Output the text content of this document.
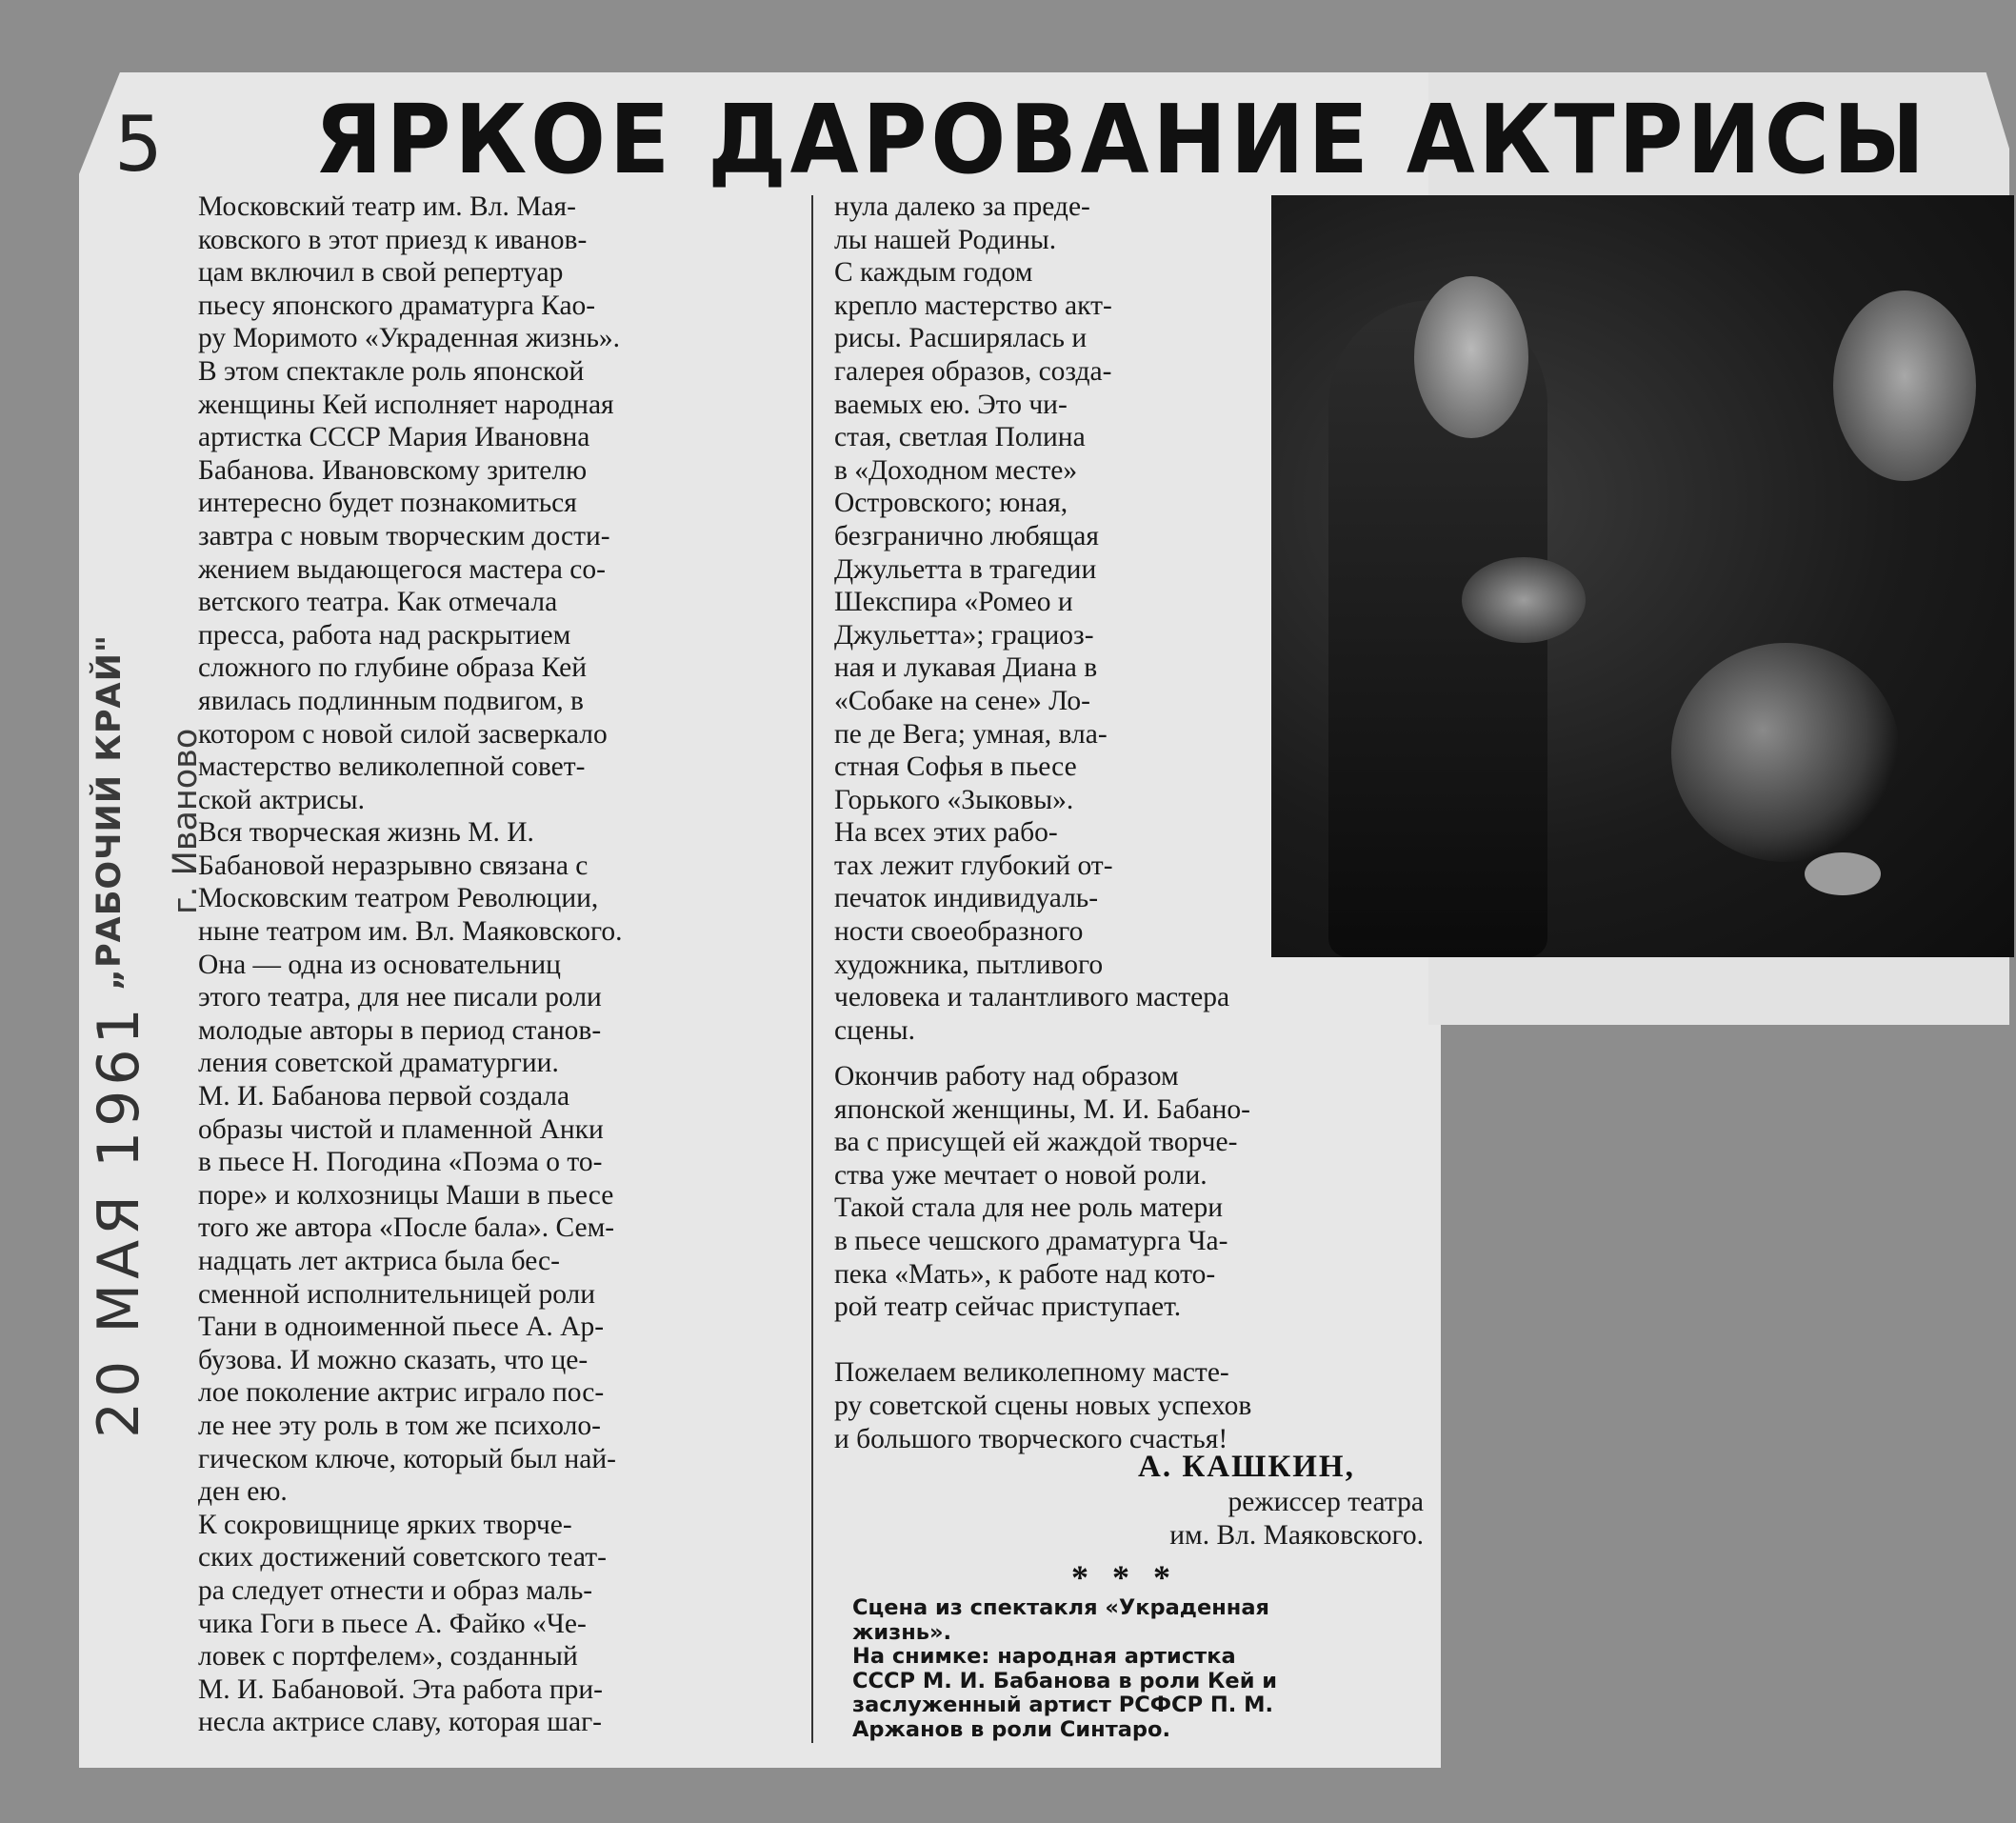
5 ЯРКОЕ ДАРОВАНИЕ АКТРИСЫ
Московский театр им. Вл. Мая-
ковского в этот приезд к иванов-
цам включил в свой репертуар
пьесу японского драматурга Као-
ру Моримото «Украденная жизнь».
В этом спектакле роль японской
женщины Кей исполняет народная
артистка СССР Мария Ивановна
Бабанова. Ивановскому зрителю
интересно будет познакомиться
завтра с новым творческим дости-
жением выдающегося мастера со-
ветского театра. Как отмечала
пресса, работа над раскрытием
сложного по глубине образа Кей
явилась подлинным подвигом, в
котором с новой силой засверкало
мастерство великолепной совет-
ской актрисы.
Вся творческая жизнь М. И.
Бабановой неразрывно связана с
Московским театром Революции,
ныне театром им. Вл. Маяковского.
Она — одна из основательниц
этого театра, для нее писали роли
молодые авторы в период станов-
ления советской драматургии.
М. И. Бабанова первой создала
образы чистой и пламенной Анки
в пьесе Н. Погодина «Поэма о то-
поре» и колхозницы Маши в пьесе
того же автора «После бала». Сем-
надцать лет актриса была бес-
сменной исполнительницей роли
Тани в одноименной пьесе А. Ар-
бузова. И можно сказать, что це-
лое поколение актрис играло пос-
ле нее эту роль в том же психоло-
гическом ключе, который был най-
ден ею.
К сокровищнице ярких творче-
ских достижений советского теат-
ра следует отнести и образ маль-
чика Гоги в пьесе А. Файко «Че-
ловек с портфелем», созданный
М. И. Бабановой. Эта работа при-
несла актрисе славу, которая шаг-
нула далеко за преде-
лы нашей Родины.
С каждым годом
крепло мастерство акт-
рисы. Расширялась и
галерея образов, созда-
ваемых ею. Это чи-
стая, светлая Полина
в «Доходном месте»
Островского; юная,
безгранично любящая
Джульетта в трагедии
Шекспира «Ромео и
Джульетта»; грациоз-
ная и лукавая Диана в
«Собаке на сене» Ло-
пе де Вега; умная, вла-
стная Софья в пьесе
Горького «Зыковы».
На всех этих рабо-
тах лежит глубокий от-
печаток индивидуаль-
ности своеобразного
художника, пытливого
человека и талантливого мастера
сцены.
Окончив работу над образом
японской женщины, М. И. Бабано-
ва с присущей ей жаждой творче-
ства уже мечтает о новой роли.
Такой стала для нее роль матери
в пьесе чешского драматурга Ча-
пека «Мать», к работе над кото-
рой театр сейчас приступает.

Пожелаем великолепному масте-
ру советской сцены новых успехов
и большого творческого счастья!
А. КАШКИН,
режиссер театра
им. Вл. Маяковского.
* * *
Сцена из спектакля «Украденная
жизнь».
На снимке: народная артистка
СССР М. И. Бабанова в роли Кей и
заслуженный артист РСФСР П. М.
Аржанов в роли Синтаро.
„РАБОЧИЙ КРАЙ" г. Иваново
20 МАЯ 1961
